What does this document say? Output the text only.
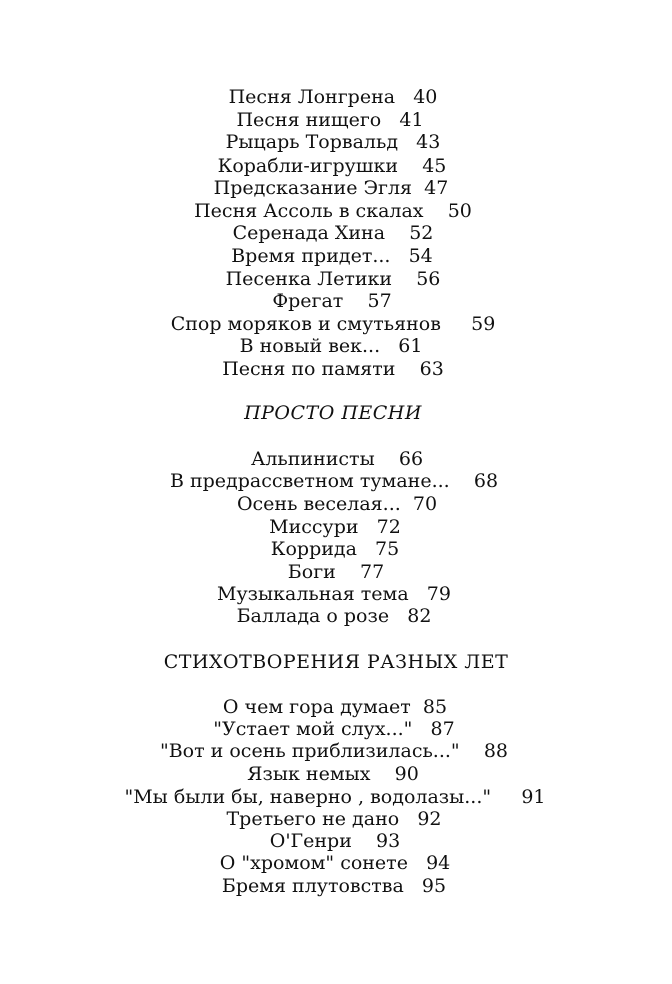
Песня Лонгрена 40
Песня нищего 41
Рыцарь Торвальд 43
Корабли-игрушки 45
Предсказание Эгля 47
Песня Ассоль в скалах 50
Серенада Хина 52
Время придет... 54
Песенка Летики 56
Фрегат 57
Спор моряков и смутьянов 59
В новый век... 61
Песня по памяти 63
ПРОСТО ПЕСНИ
Альпинисты 66
В предрассветном тумане... 68
Осень веселая... 70
Миссури 72
Коррида 75
Боги 77
Музыкальная тема 79
Баллада о розе 82
СТИХОТВОРЕНИЯ РАЗНЫХ ЛЕТ
О чем гора думает 85
"Устает мой слух..." 87
"Вот и осень приблизилась..." 88
Язык немых 90
"Мы были бы, наверно , водолазы..." 91
Третьего не дано 92
О'Генри 93
О "хромом" сонете 94
Бремя плутовства 95
